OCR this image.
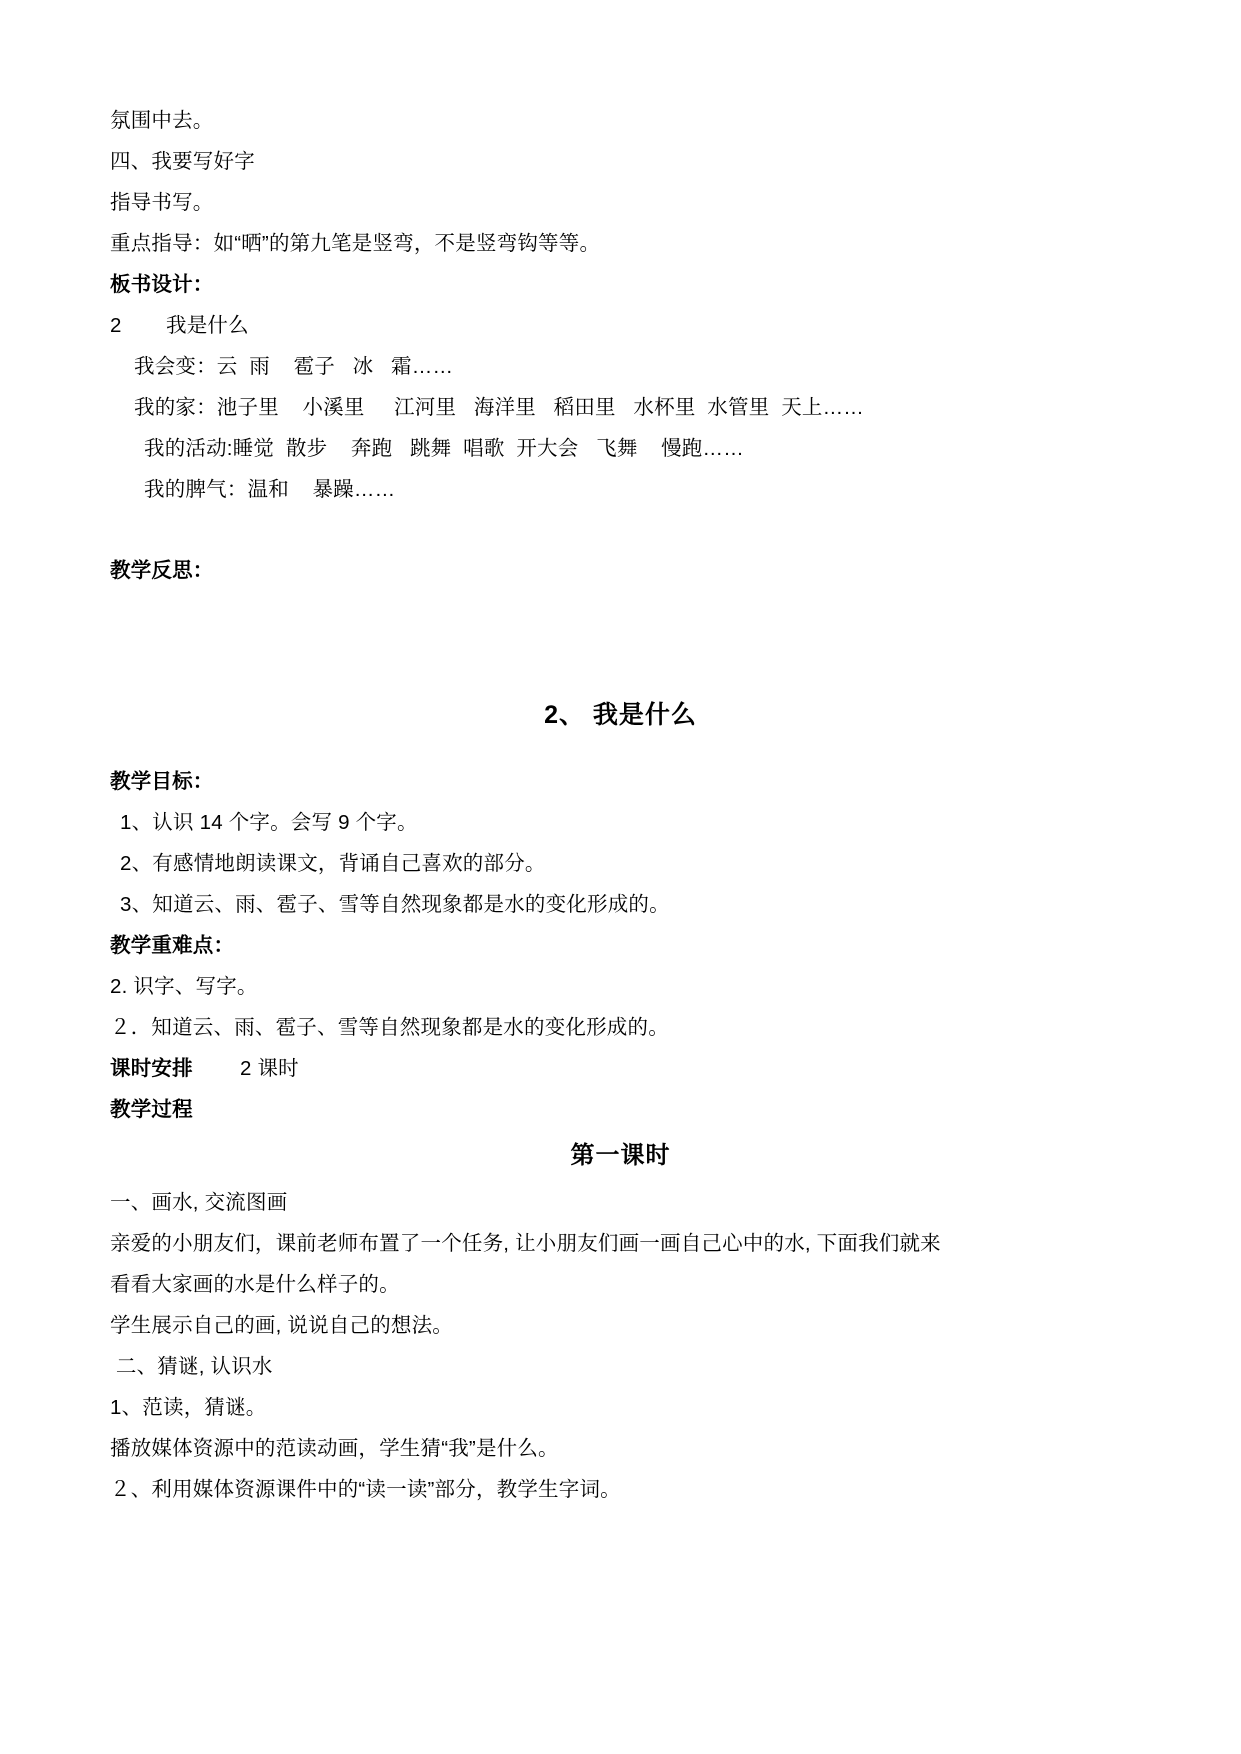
氛围中去。
四、我要写好字
指导书写。
重点指导：如“晒”的第九笔是竖弯，不是竖弯钩等等。
板书设计：
2 我是什么
我会变：云  雨    雹子   冰   霜……
我的家：池子里    小溪里     江河里   海洋里   稻田里   水杯里  水管里  天上……
我的活动:睡觉  散步    奔跑   跳舞  唱歌  开大会   飞舞    慢跑……
我的脾气：温和    暴躁……
教学反思：
2、 我是什么
教学目标：
1、认识 14 个字。会写 9 个字。
2、有感情地朗读课文，背诵自己喜欢的部分。
3、知道云、雨、雹子、雪等自然现象都是水的变化形成的。
教学重难点：
2. 识字、写字。
２．知道云、雨、雹子、雪等自然现象都是水的变化形成的。
课时安排 2 课时
教学过程
第一课时
一、画水, 交流图画
亲爱的小朋友们，课前老师布置了一个任务, 让小朋友们画一画自己心中的水, 下面我们就来
看看大家画的水是什么样子的。
学生展示自己的画, 说说自己的想法。
二、猜谜, 认识水
1、范读，猜谜。
播放媒体资源中的范读动画，学生猜“我”是什么。
２、利用媒体资源课件中的“读一读”部分，教学生字词。
